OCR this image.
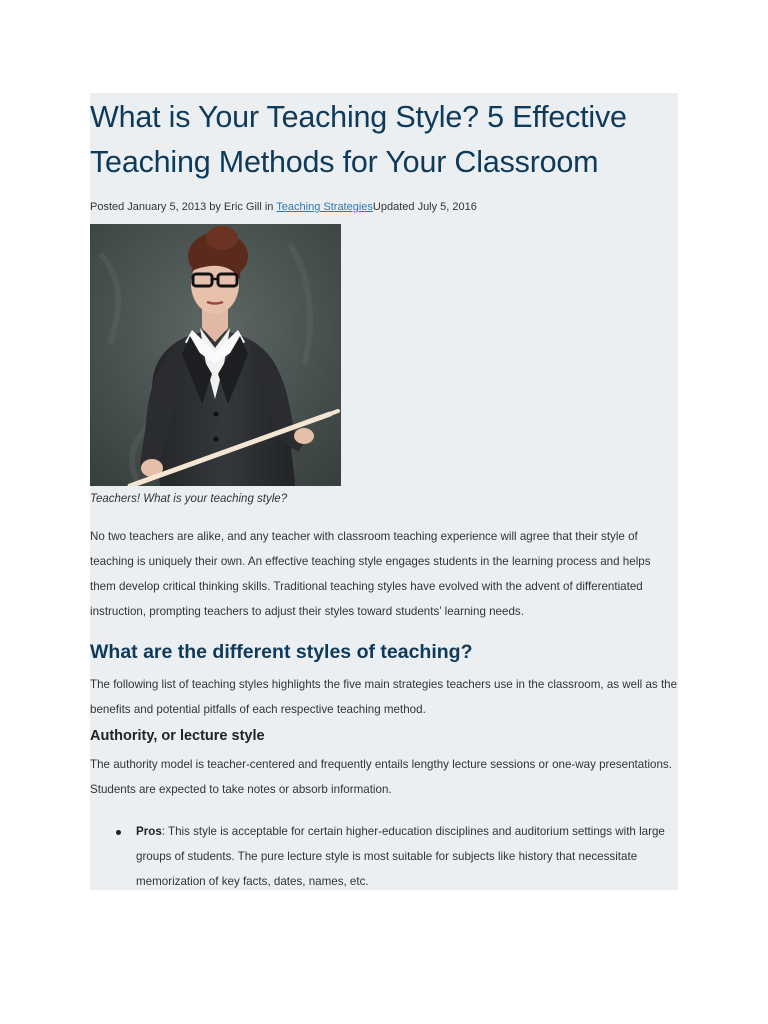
What is Your Teaching Style? 5 Effective Teaching Methods for Your Classroom
Posted January 5, 2013 by Eric Gill in Teaching StrategiesUpdated July 5, 2016
Teachers! What is your teaching style?

No two teachers are alike, and any teacher with classroom teaching experience will agree that their style of teaching is uniquely their own. An effective teaching style engages students in the learning process and helps them develop critical thinking skills. Traditional teaching styles have evolved with the advent of differentiated instruction, prompting teachers to adjust their styles toward students’ learning needs.

What are the different styles of teaching?

The following list of teaching styles highlights the five main strategies teachers use in the classroom, as well as the benefits and potential pitfalls of each respective teaching method.

Authority, or lecture style

The authority model is teacher-centered and frequently entails lengthy lecture sessions or one-way presentations. Students are expected to take notes or absorb information.

Pros: This style is acceptable for certain higher-education disciplines and auditorium settings with large groups of students. The pure lecture style is most suitable for subjects like history that necessitate memorization of key facts, dates, names, etc.
